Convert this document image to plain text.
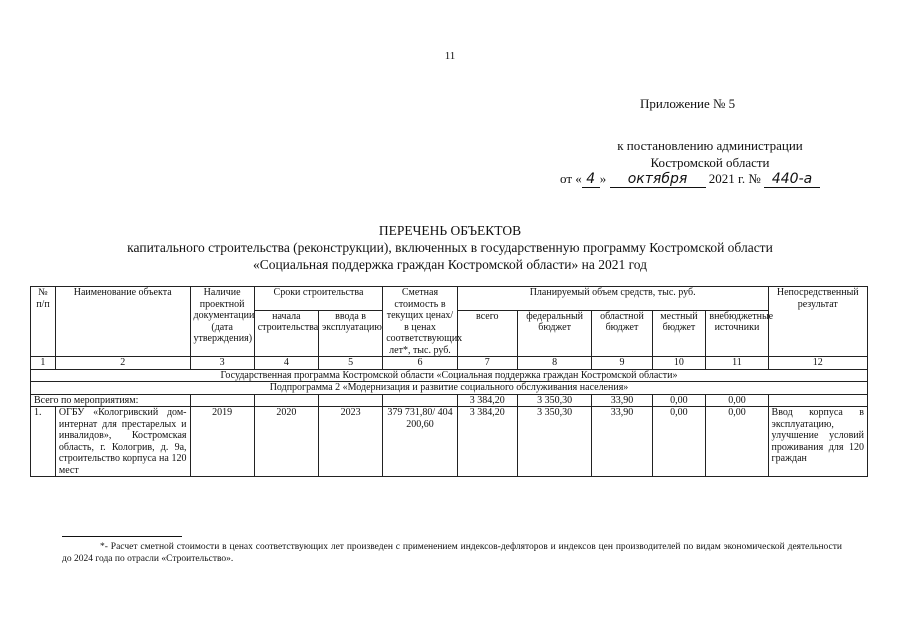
11
Приложение № 5
к постановлению администрации
Костромской области
от « 4 » октября 2021 г. № 440-а
ПЕРЕЧЕНЬ ОБЪЕКТОВ
капитального строительства (реконструкции), включенных в государственную программу Костромской области
«Социальная поддержка граждан Костромской области» на 2021 год
№ п/п	Наименование объекта	Наличие проектной документации (дата утверждения)	Сроки строительства		Сметная стоимость в текущих ценах/в ценах соответствующих лет*, тыс. руб.	Планируемый объем средств, тыс. руб.					Непосредственный результат
			начала строительства	ввода в эксплуатацию		всего	федеральный бюджет	областной бюджет	местный бюджет	внебюджетные источники	
1	2	3	4	5	6	7	8	9	10	11	12
Государственная программа Костромской области «Социальная поддержка граждан Костромской области»											
Подпрограмма 2 «Модернизация и развитие социального обслуживания населения»											
Всего по мероприятиям:						3 384,20	3 350,30	33,90	0,00	0,00	
1.	ОГБУ «Кологривский дом-интернат для престарелых и инвалидов», Костромская область, г. Кологрив, д. 9а, строительство корпуса на 120 мест	2019	2020	2023	379 731,80/ 404 200,60	3 384,20	3 350,30	33,90	0,00	0,00	Ввод корпуса в эксплуатацию, улучшение условий проживания для 120 граждан
*- Расчет сметной стоимости в ценах соответствующих лет произведен с применением индексов-дефляторов и индексов цен производителей по видам экономической деятельности до 2024 года по отрасли «Строительство».
